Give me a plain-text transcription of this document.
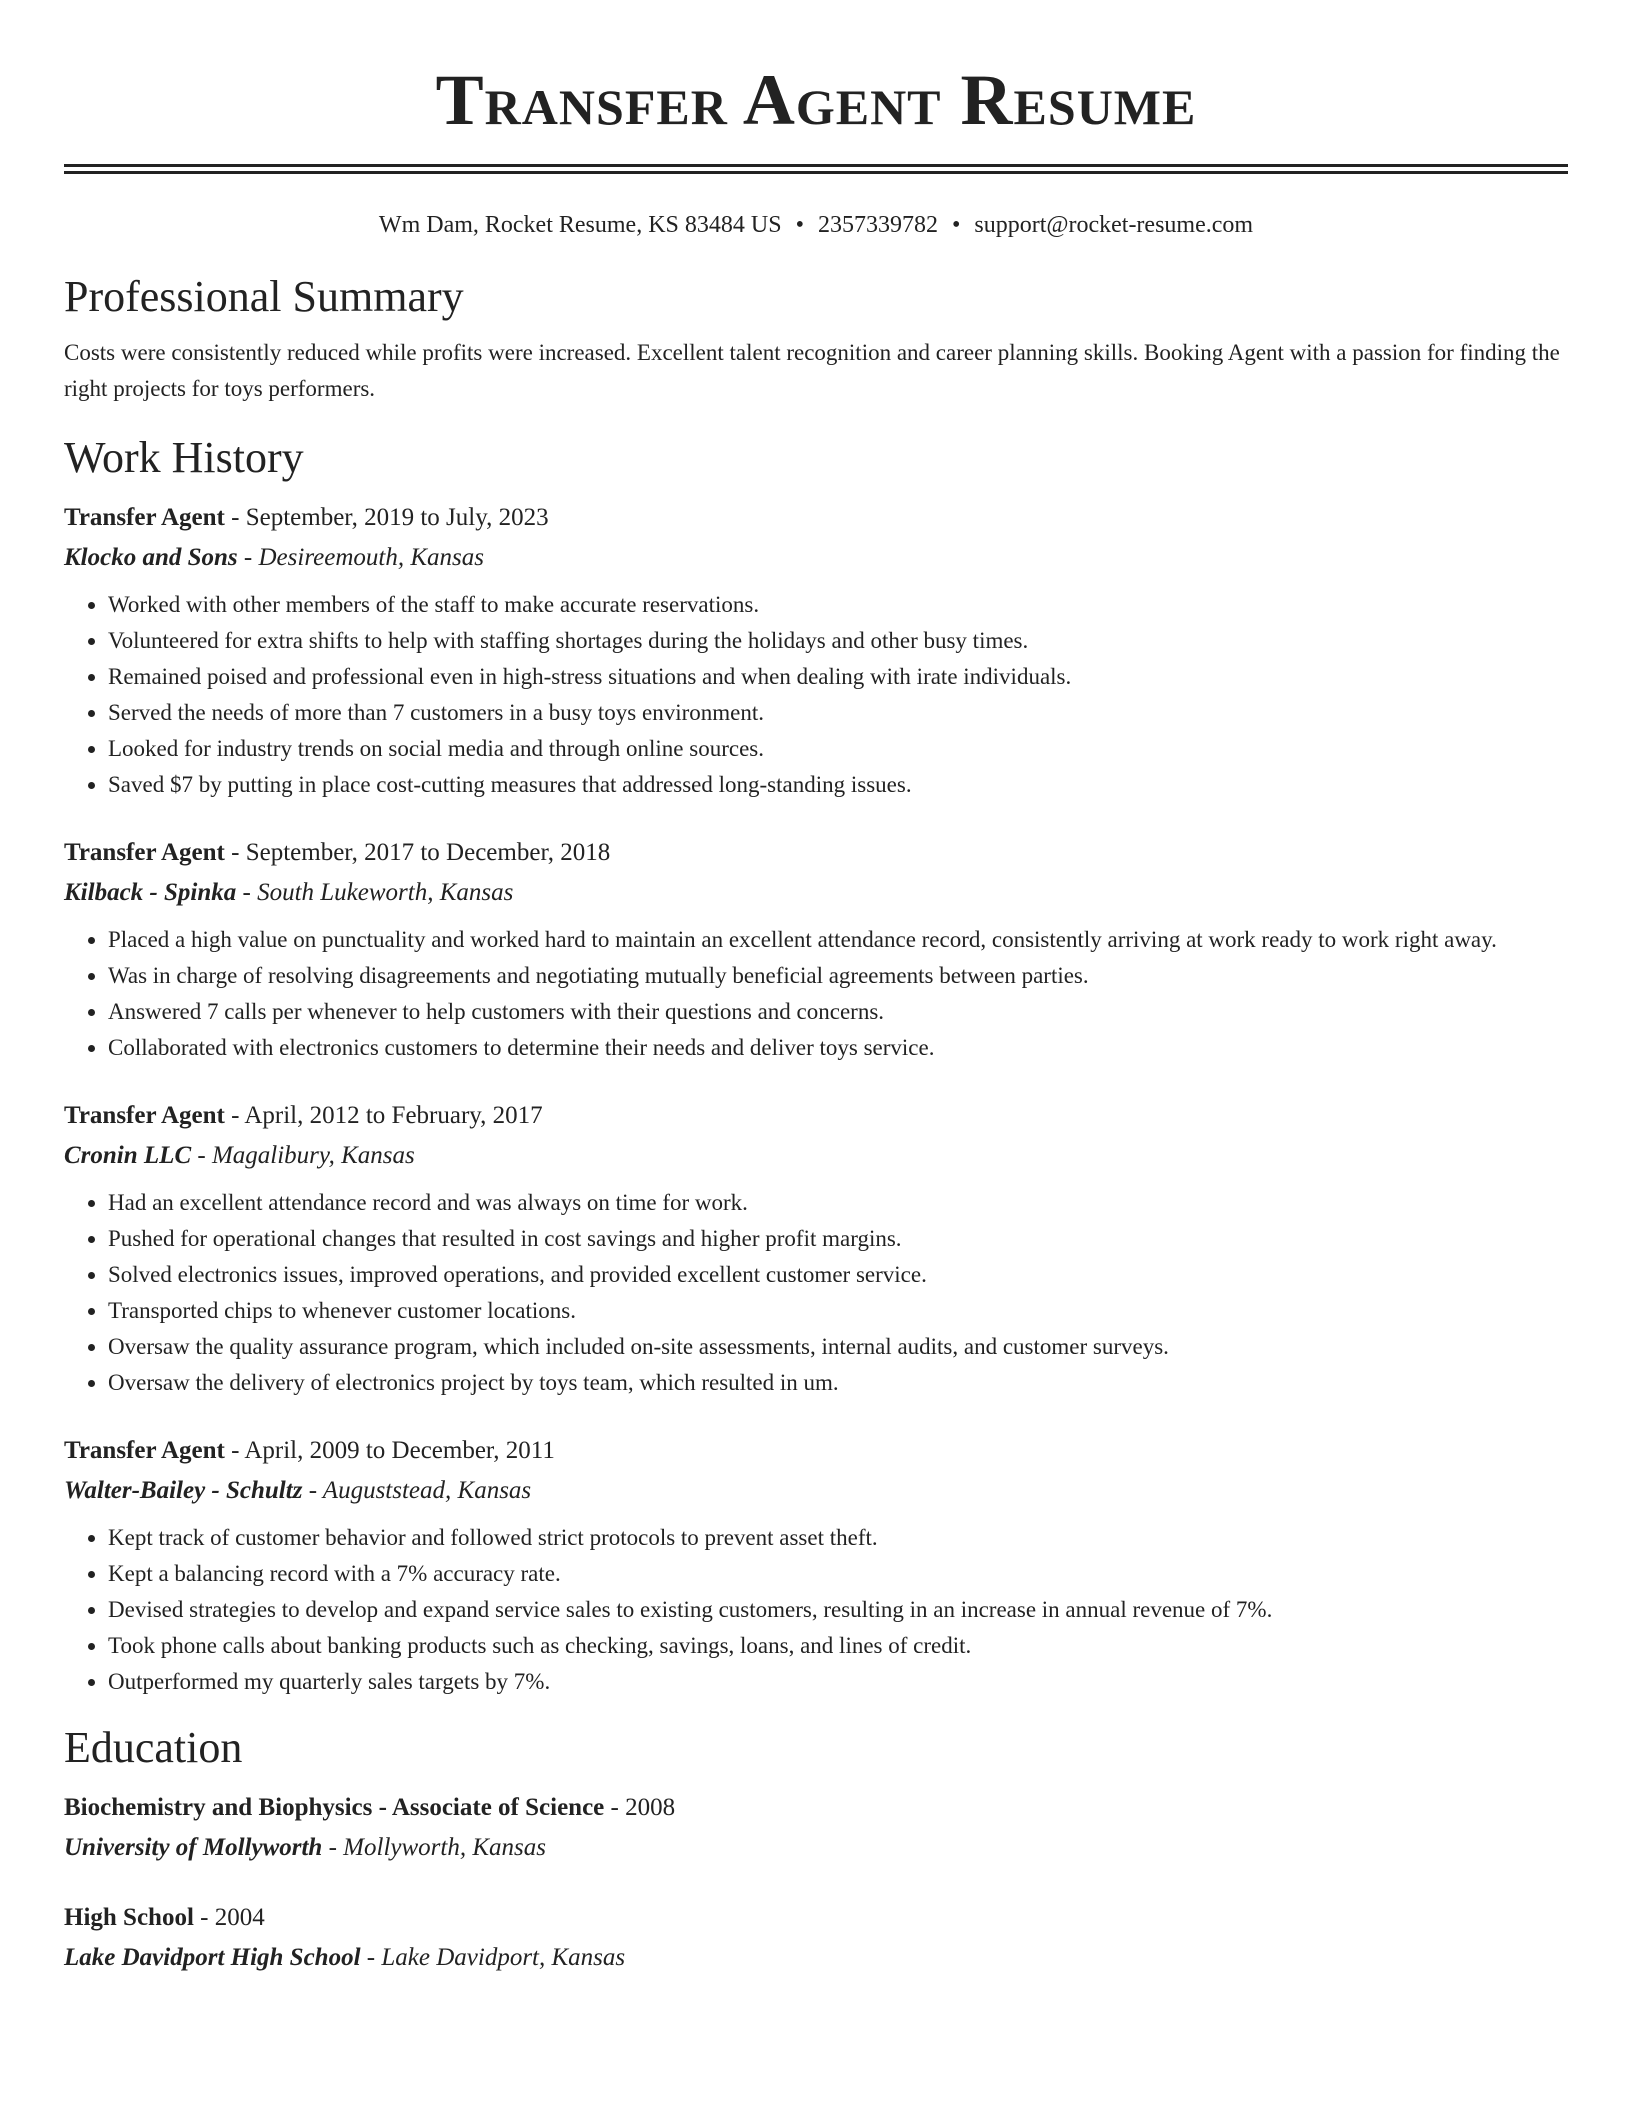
Transfer Agent Resume
Wm Dam, Rocket Resume, KS 83484 US • 2357339782 • support@rocket-resume.com
Professional Summary
Costs were consistently reduced while profits were increased. Excellent talent recognition and career planning skills. Booking Agent with a passion for finding the right projects for toys performers.
Work History
Transfer Agent - September, 2019 to July, 2023
Klocko and Sons - Desireemouth, Kansas
• Worked with other members of the staff to make accurate reservations.
• Volunteered for extra shifts to help with staffing shortages during the holidays and other busy times.
• Remained poised and professional even in high-stress situations and when dealing with irate individuals.
• Served the needs of more than 7 customers in a busy toys environment.
• Looked for industry trends on social media and through online sources.
• Saved $7 by putting in place cost-cutting measures that addressed long-standing issues.
Transfer Agent - September, 2017 to December, 2018
Kilback - Spinka - South Lukeworth, Kansas
• Placed a high value on punctuality and worked hard to maintain an excellent attendance record, consistently arriving at work ready to work right away.
• Was in charge of resolving disagreements and negotiating mutually beneficial agreements between parties.
• Answered 7 calls per whenever to help customers with their questions and concerns.
• Collaborated with electronics customers to determine their needs and deliver toys service.
Transfer Agent - April, 2012 to February, 2017
Cronin LLC - Magalibury, Kansas
• Had an excellent attendance record and was always on time for work.
• Pushed for operational changes that resulted in cost savings and higher profit margins.
• Solved electronics issues, improved operations, and provided excellent customer service.
• Transported chips to whenever customer locations.
• Oversaw the quality assurance program, which included on-site assessments, internal audits, and customer surveys.
• Oversaw the delivery of electronics project by toys team, which resulted in um.
Transfer Agent - April, 2009 to December, 2011
Walter-Bailey - Schultz - Auguststead, Kansas
• Kept track of customer behavior and followed strict protocols to prevent asset theft.
• Kept a balancing record with a 7% accuracy rate.
• Devised strategies to develop and expand service sales to existing customers, resulting in an increase in annual revenue of 7%.
• Took phone calls about banking products such as checking, savings, loans, and lines of credit.
• Outperformed my quarterly sales targets by 7%.
Education
Biochemistry and Biophysics - Associate of Science - 2008
University of Mollyworth - Mollyworth, Kansas
High School - 2004
Lake Davidport High School - Lake Davidport, Kansas
